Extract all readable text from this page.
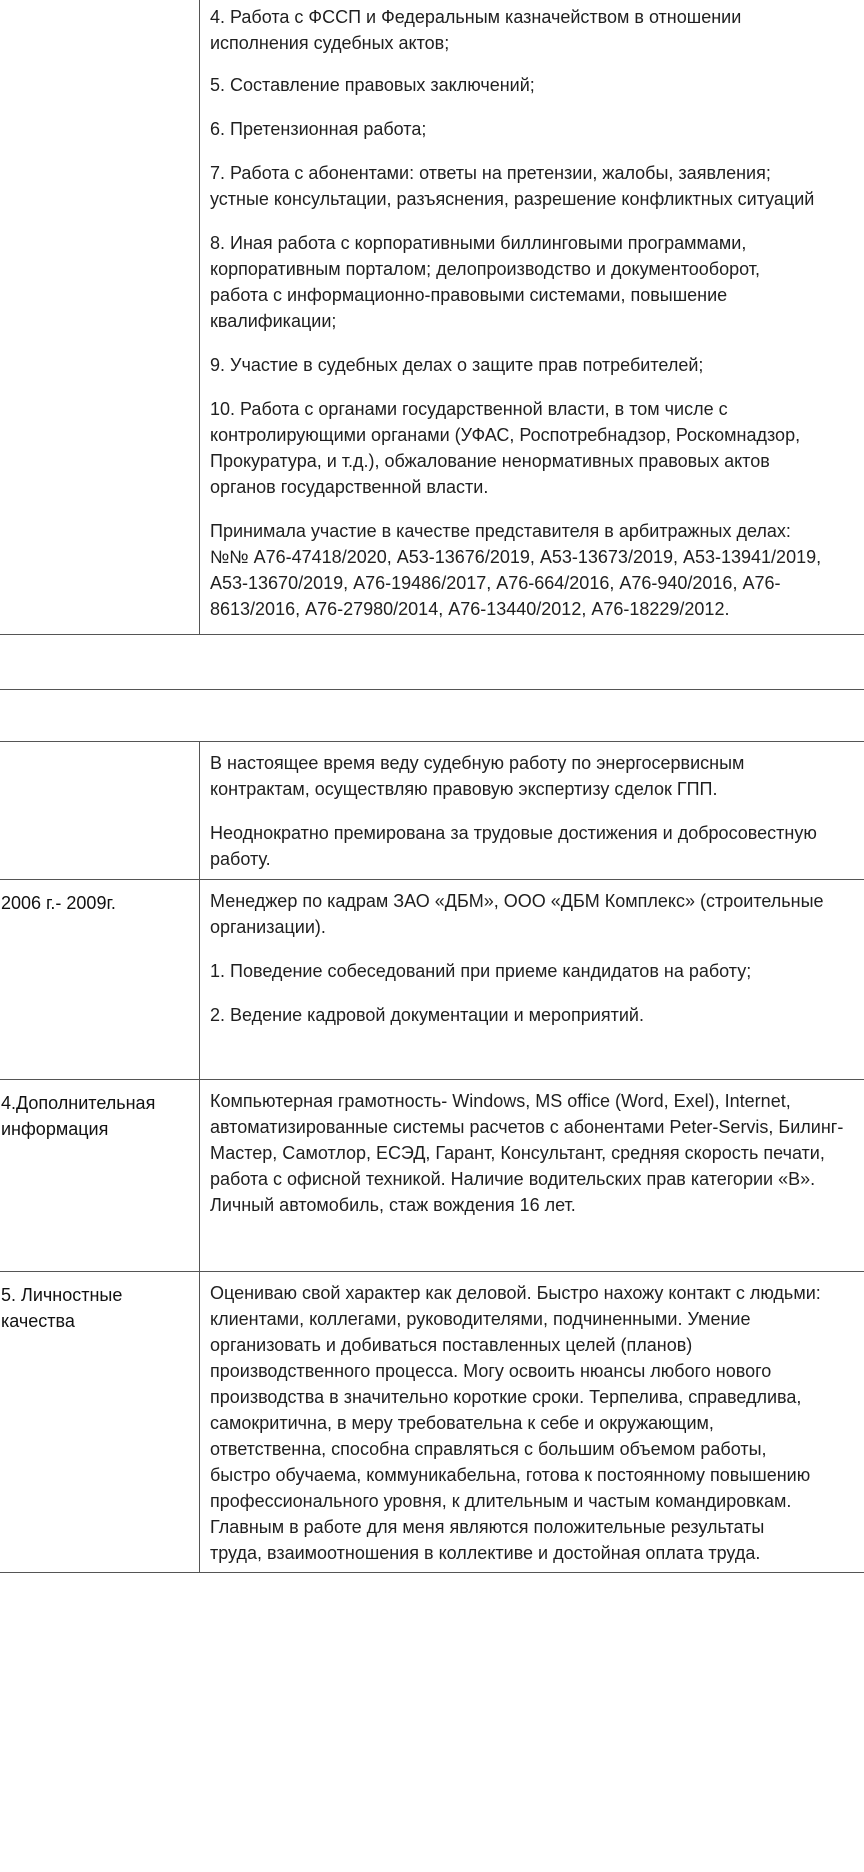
4. Работа с ФССП и Федеральным казначейством в отношении
исполнения судебных актов;

5. Составление правовых заключений;

6. Претензионная работа;

7. Работа с абонентами: ответы на претензии, жалобы, заявления;
устные консультации, разъяснения, разрешение конфликтных ситуаций

8. Иная работа с корпоративными биллинговыми программами,
корпоративным порталом; делопроизводство и документооборот,
работа с информационно-правовыми системами, повышение
квалификации;

9. Участие в судебных делах о защите прав потребителей;

10. Работа с органами государственной власти, в том числе с
контролирующими органами (УФАС, Роспотребнадзор, Роскомнадзор,
Прокуратура, и т.д.), обжалование ненормативных правовых актов
органов государственной власти.

Принимала участие в качестве представителя в арбитражных делах:
№№ А76-47418/2020, А53-13676/2019, А53-13673/2019, А53-13941/2019,
А53-13670/2019, А76-19486/2017, А76-664/2016, А76-940/2016, А76-
8613/2016, А76-27980/2014, А76-13440/2012, А76-18229/2012.

В настоящее время веду судебную работу по энергосервисным
контрактам, осуществляю правовую экспертизу сделок ГПП.

Неоднократно премирована за трудовые достижения и добросовестную
работу.

2006 г.- 2009г.	Менеджер по кадрам ЗАО «ДБМ», ООО «ДБМ Комплекс» (строительные
организации).

1. Поведение собеседований при приеме кандидатов на работу;

2. Ведение кадровой документации и мероприятий.

4.Дополнительная
информация
Компьютерная грамотность- Windows, MS office (Word, Exel), Internet,
автоматизированные системы расчетов с абонентами Peter-Servis, Билинг-
Мастер, Самотлор, ЕСЭД, Гарант, Консультант, средняя скорость печати,
работа с офисной техникой. Наличие водительских прав категории «В».
Личный автомобиль, стаж вождения 16 лет.
5. Личностные
качества
Оцениваю свой характер как деловой. Быстро нахожу контакт с людьми:
клиентами, коллегами, руководителями, подчиненными. Умение
организовать и добиваться поставленных целей (планов)
производственного процесса. Могу освоить нюансы любого нового
производства в значительно короткие сроки. Терпелива, справедлива,
самокритична, в меру требовательна к себе и окружающим,
ответственна, способна справляться с большим объемом работы,
быстро обучаема, коммуникабельна, готова к постоянному повышению
профессионального уровня, к длительным и частым командировкам.
Главным в работе для меня являются положительные результаты
труда, взаимоотношения в коллективе и достойная оплата труда.
